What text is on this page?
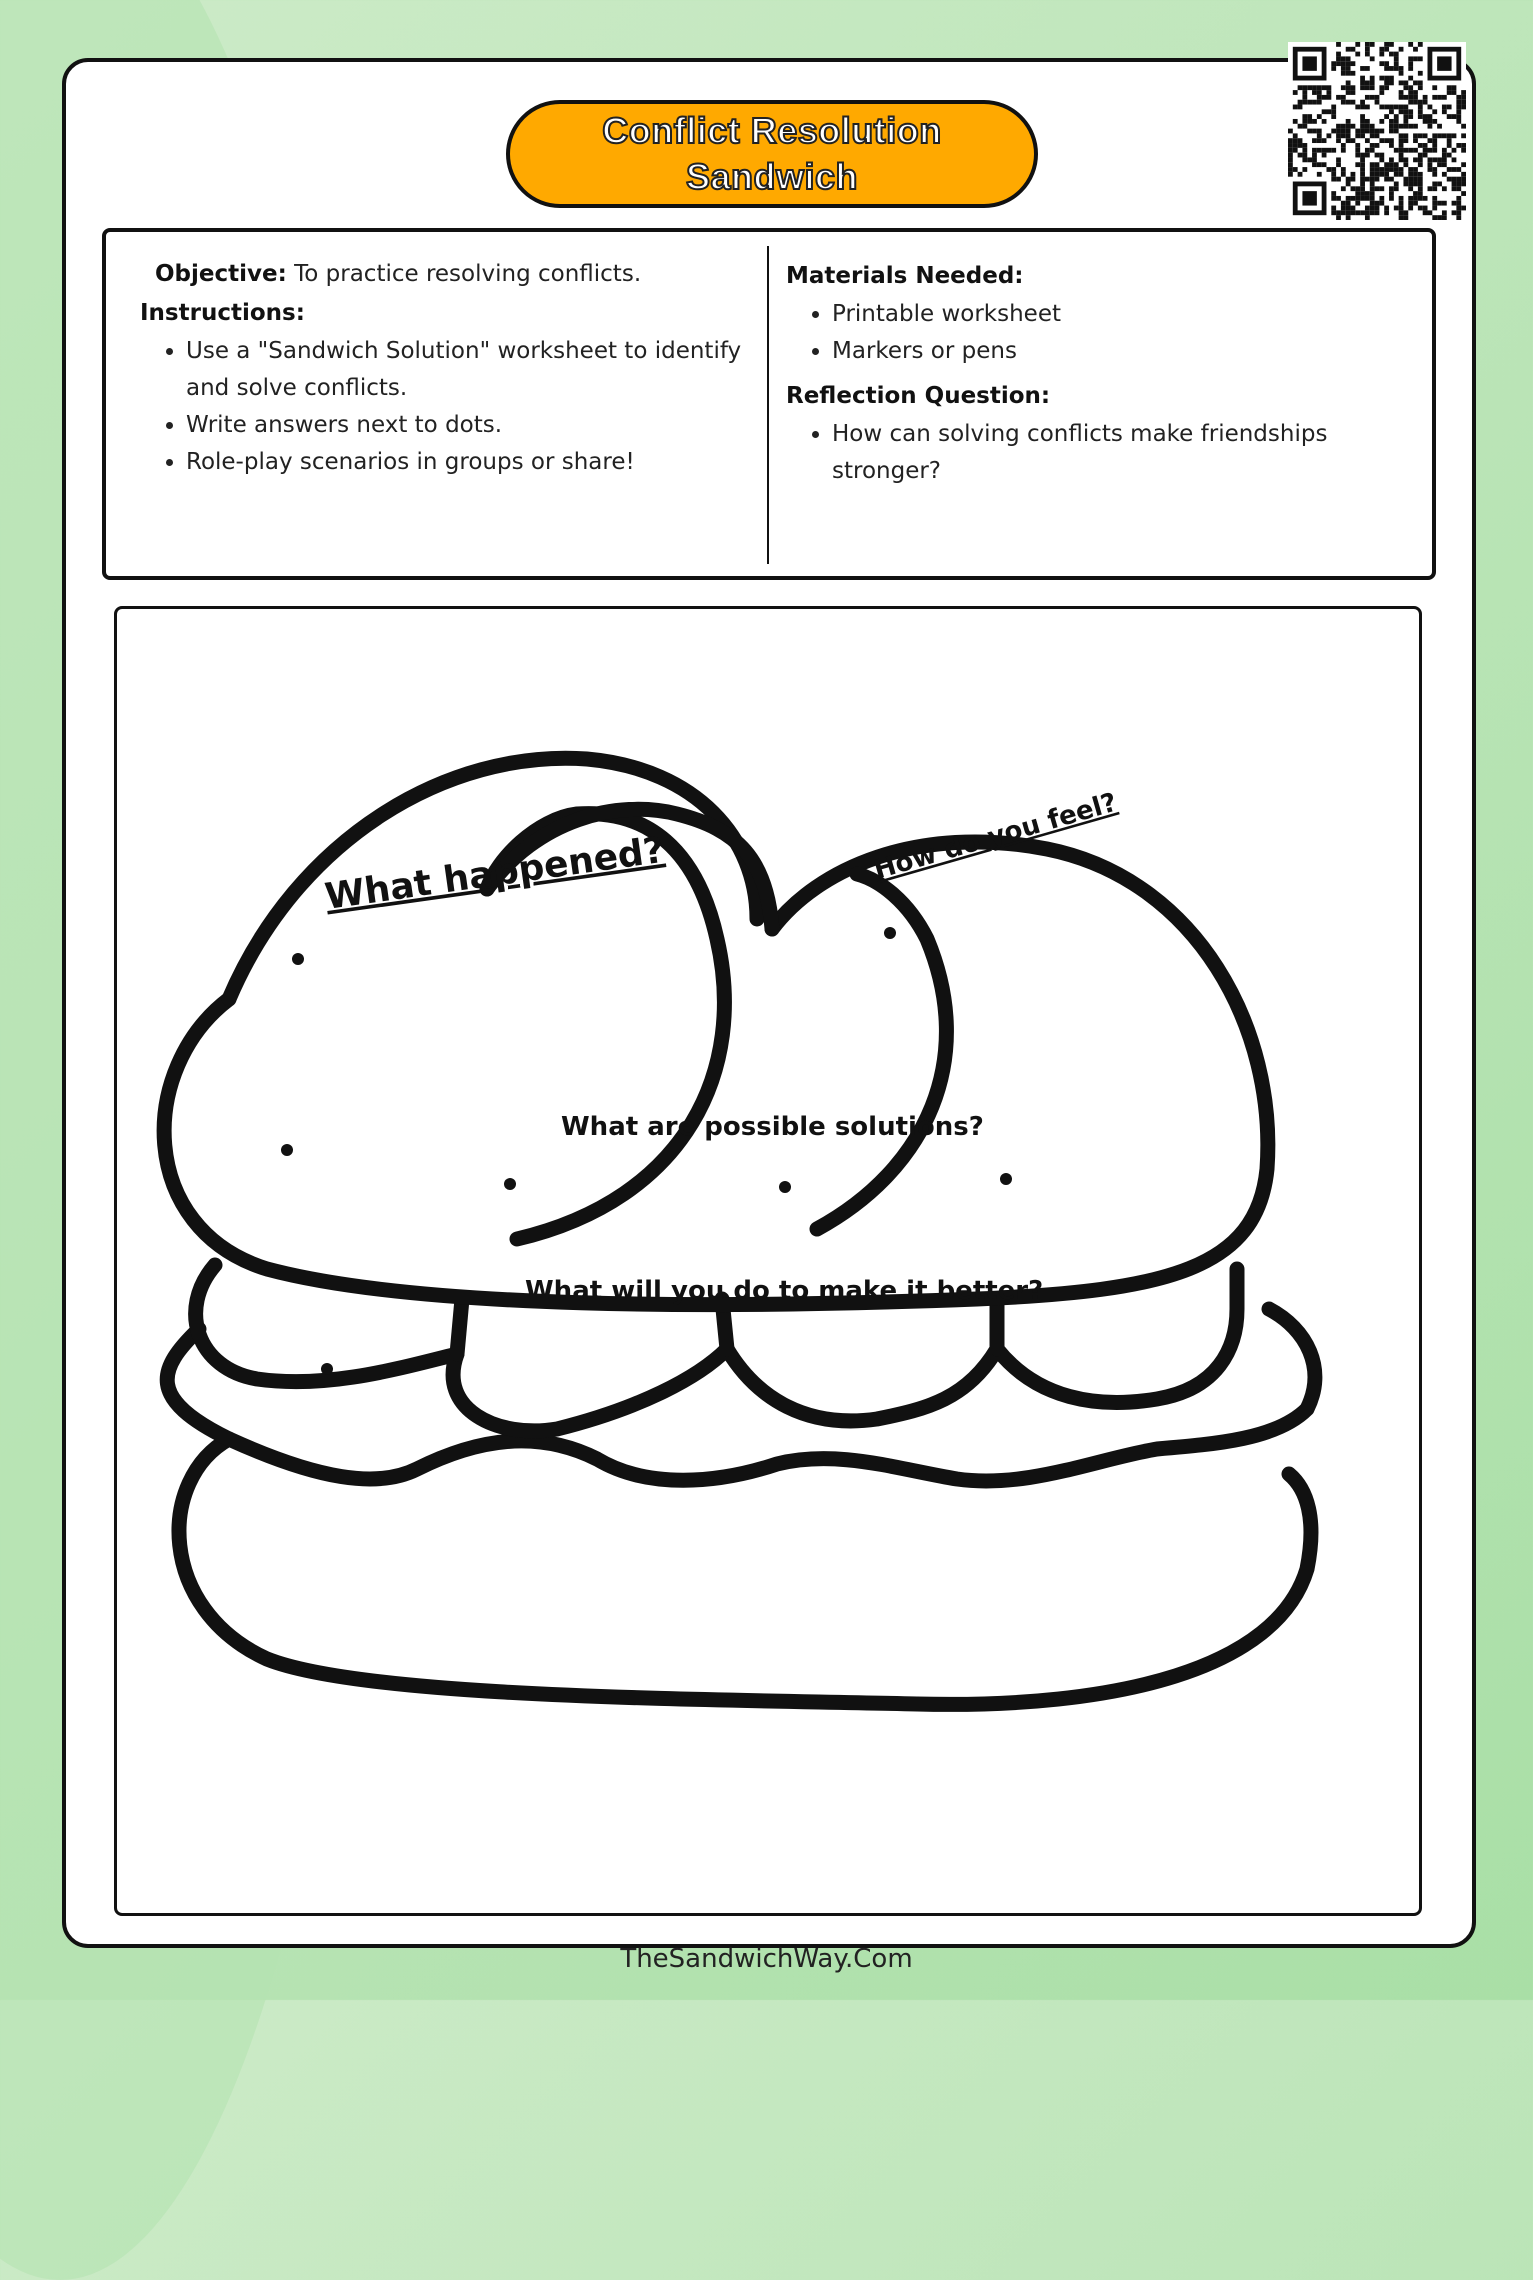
Conflict Resolution Sandwich
Objective: To practice resolving conflicts.
Instructions:
• Use a "Sandwich Solution" worksheet to identify and solve conflicts.
• Write answers next to dots.
• Role-play scenarios in groups or share!
Materials Needed:
• Printable worksheet
• Markers or pens
Reflection Question:
• How can solving conflicts make friendships stronger?
What happened?	How do you feel?
What are possible solutions?
What will you do to make it better?
TheSandwichWay.Com
